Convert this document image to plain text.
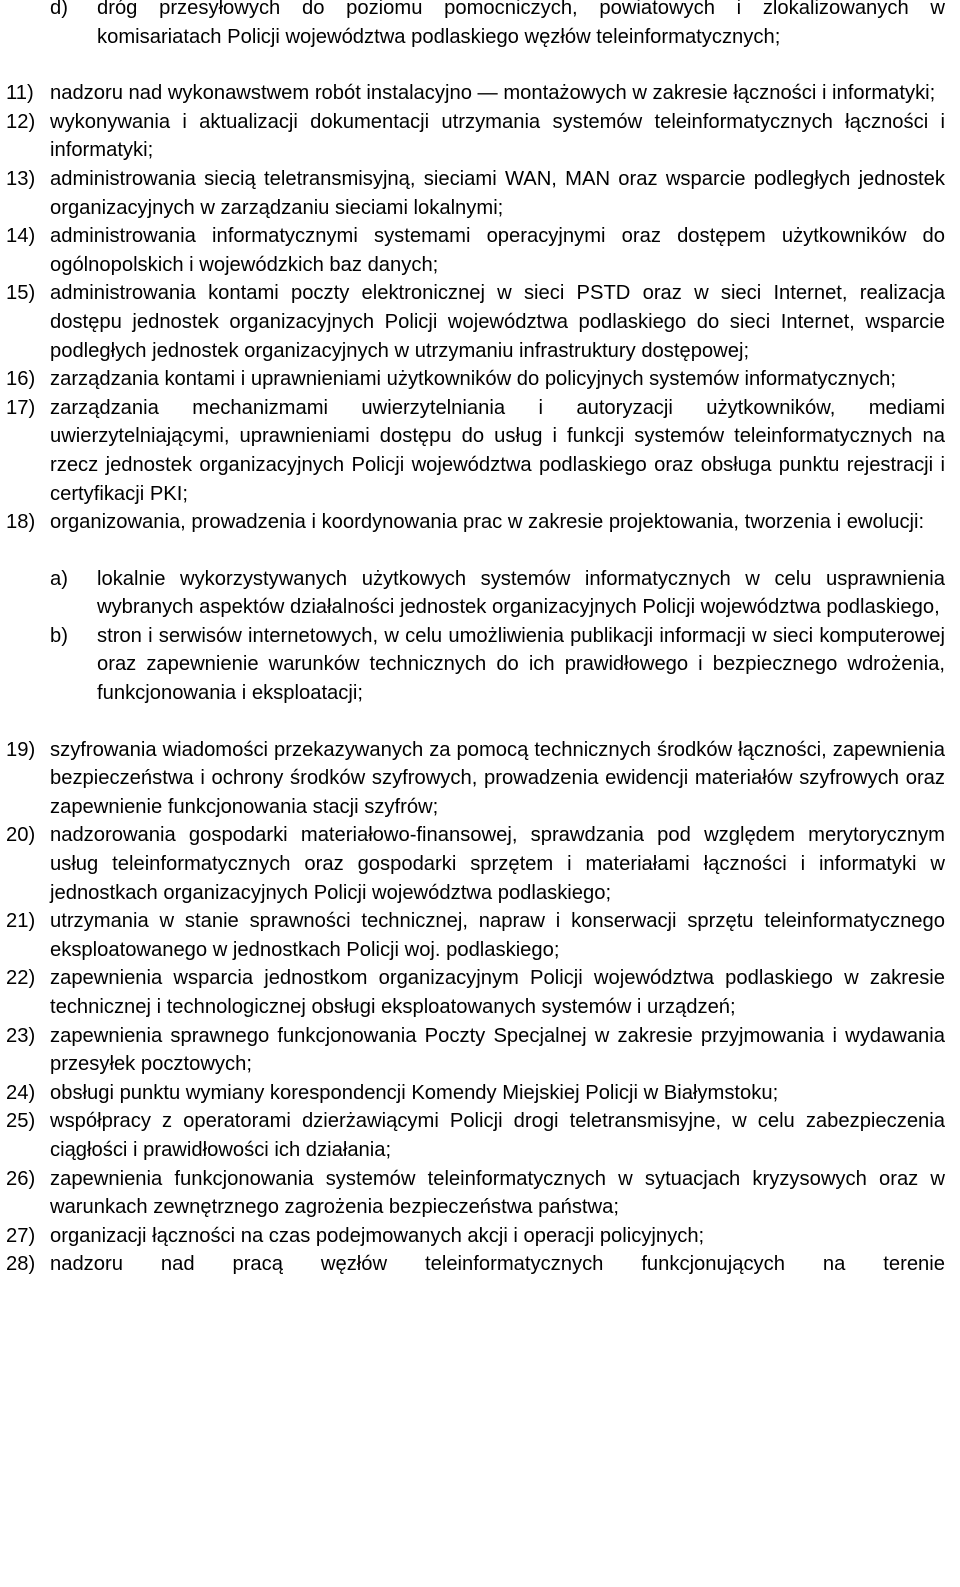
d) dróg przesyłowych do poziomu pomocniczych, powiatowych i zlokalizowanych w komisariatach Policji województwa podlaskiego węzłów teleinformatycznych;
11) nadzoru nad wykonawstwem robót instalacyjno — montażowych w zakresie łączności i informatyki;
12) wykonywania i aktualizacji dokumentacji utrzymania systemów teleinformatycznych łączności i informatyki;
13) administrowania siecią teletransmisyjną, sieciami WAN, MAN oraz wsparcie podległych jednostek organizacyjnych w zarządzaniu sieciami lokalnymi;
14) administrowania informatycznymi systemami operacyjnymi oraz dostępem użytkowników do ogólnopolskich i wojewódzkich baz danych;
15) administrowania kontami poczty elektronicznej w sieci PSTD oraz w sieci Internet, realizacja dostępu jednostek organizacyjnych Policji województwa podlaskiego do sieci Internet, wsparcie podległych jednostek organizacyjnych w utrzymaniu infrastruktury dostępowej;
16) zarządzania kontami i uprawnieniami użytkowników do policyjnych systemów informatycznych;
17) zarządzania mechanizmami uwierzytelniania i autoryzacji użytkowników, mediami uwierzytelniającymi, uprawnieniami dostępu do usług i funkcji systemów teleinformatycznych na rzecz jednostek organizacyjnych Policji województwa podlaskiego oraz obsługa punktu rejestracji i certyfikacji PKI;
18) organizowania, prowadzenia i koordynowania prac w zakresie projektowania, tworzenia i ewolucji:
a) lokalnie wykorzystywanych użytkowych systemów informatycznych w celu usprawnienia wybranych aspektów działalności jednostek organizacyjnych Policji województwa podlaskiego,
b) stron i serwisów internetowych, w celu umożliwienia publikacji informacji w sieci komputerowej oraz zapewnienie warunków technicznych do ich prawidłowego i bezpiecznego wdrożenia, funkcjonowania i eksploatacji;
19) szyfrowania wiadomości przekazywanych za pomocą technicznych środków łączności, zapewnienia bezpieczeństwa i ochrony środków szyfrowych, prowadzenia ewidencji materiałów szyfrowych oraz zapewnienie funkcjonowania stacji szyfrów;
20) nadzorowania gospodarki materiałowo-finansowej, sprawdzania pod względem merytorycznym usług teleinformatycznych oraz gospodarki sprzętem i materiałami łączności i informatyki w jednostkach organizacyjnych Policji województwa podlaskiego;
21) utrzymania w stanie sprawności technicznej, napraw i konserwacji sprzętu teleinformatycznego eksploatowanego w jednostkach Policji woj. podlaskiego;
22) zapewnienia wsparcia jednostkom organizacyjnym Policji województwa podlaskiego w zakresie technicznej i technologicznej obsługi eksploatowanych systemów i urządzeń;
23) zapewnienia sprawnego funkcjonowania Poczty Specjalnej w zakresie przyjmowania i wydawania przesyłek pocztowych;
24) obsługi punktu wymiany korespondencji Komendy Miejskiej Policji w Białymstoku;
25) współpracy z operatorami dzierżawiącymi Policji drogi teletransmisyjne, w celu zabezpieczenia ciągłości i prawidłowości ich działania;
26) zapewnienia funkcjonowania systemów teleinformatycznych w sytuacjach kryzysowych oraz w warunkach zewnętrznego zagrożenia bezpieczeństwa państwa;
27) organizacji łączności na czas podejmowanych akcji i operacji policyjnych;
28) nadzoru nad pracą węzłów teleinformatycznych funkcjonujących na terenie
